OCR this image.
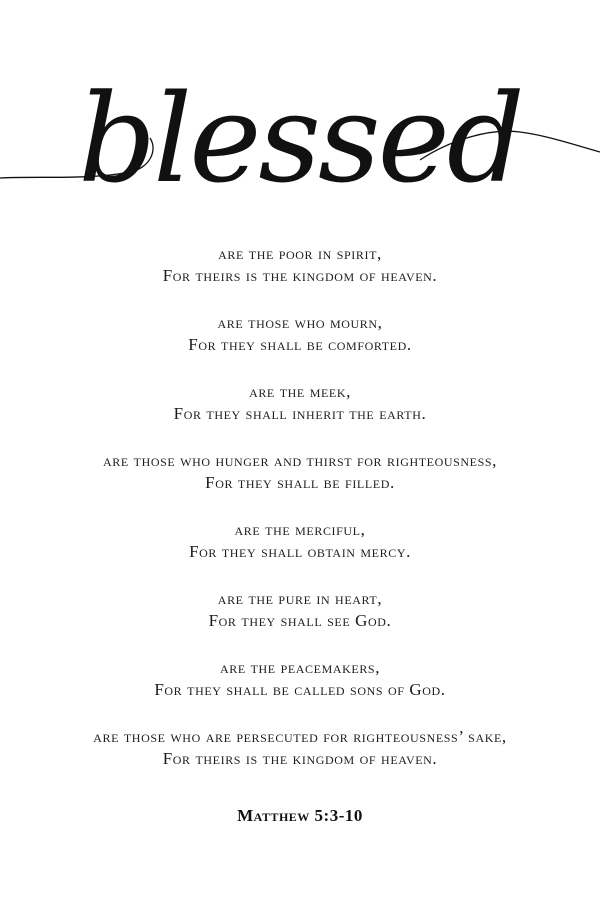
blessed
are the poor in spirit,
For theirs is the kingdom of heaven.
are those who mourn,
For they shall be comforted.
are the meek,
For they shall inherit the earth.
are those who hunger and thirst for righteousness,
For they shall be filled.
are the merciful,
For they shall obtain mercy.
are the pure in heart,
For they shall see God.
are the peacemakers,
For they shall be called sons of God.
are those who are persecuted for righteousness’ sake,
For theirs is the kingdom of heaven.
Matthew 5:3-10
